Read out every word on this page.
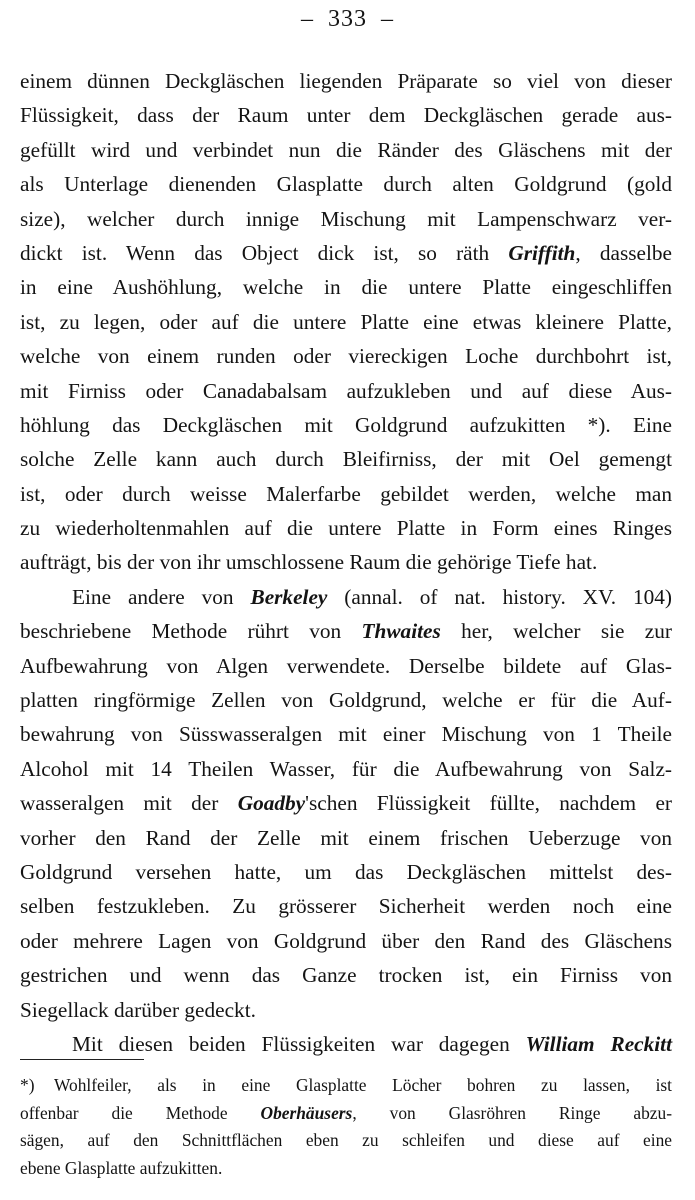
– 333 –
einem dünnen Deckgläschen liegenden Präparate so viel von dieser
Flüssigkeit, dass der Raum unter dem Deckgläschen gerade aus-
gefüllt wird und verbindet nun die Ränder des Gläschens mit der
als Unterlage dienenden Glasplatte durch alten Goldgrund (gold
size), welcher durch innige Mischung mit Lampenschwarz ver-
dickt ist. Wenn das Object dick ist, so räth Griffith, dasselbe
in eine Aushöhlung, welche in die untere Platte eingeschliffen
ist, zu legen, oder auf die untere Platte eine etwas kleinere Platte,
welche von einem runden oder viereckigen Loche durchbohrt ist,
mit Firniss oder Canadabalsam aufzukleben und auf diese Aus-
höhlung das Deckgläschen mit Goldgrund aufzukitten *). Eine
solche Zelle kann auch durch Bleifirniss, der mit Oel gemengt
ist, oder durch weisse Malerfarbe gebildet werden, welche man
zu wiederholtenmahlen auf die untere Platte in Form eines Ringes
aufträgt, bis der von ihr umschlossene Raum die gehörige Tiefe hat.
Eine andere von Berkeley (annal. of nat. history. XV. 104)
beschriebene Methode rührt von Thwaites her, welcher sie zur
Aufbewahrung von Algen verwendete. Derselbe bildete auf Glas-
platten ringförmige Zellen von Goldgrund, welche er für die Auf-
bewahrung von Süsswasseralgen mit einer Mischung von 1 Theile
Alcohol mit 14 Theilen Wasser, für die Aufbewahrung von Salz-
wasseralgen mit der Goadby'schen Flüssigkeit füllte, nachdem er
vorher den Rand der Zelle mit einem frischen Ueberzuge von
Goldgrund versehen hatte, um das Deckgläschen mittelst des-
selben festzukleben. Zu grösserer Sicherheit werden noch eine
oder mehrere Lagen von Goldgrund über den Rand des Gläschens
gestrichen und wenn das Ganze trocken ist, ein Firniss von
Siegellack darüber gedeckt.
Mit diesen beiden Flüssigkeiten war dagegen William Reckitt
*) Wohlfeiler, als in eine Glasplatte Löcher bohren zu lassen, ist
offenbar die Methode Oberhäusers, von Glasröhren Ringe abzu-
sägen, auf den Schnittflächen eben zu schleifen und diese auf eine
ebene Glasplatte aufzukitten.
